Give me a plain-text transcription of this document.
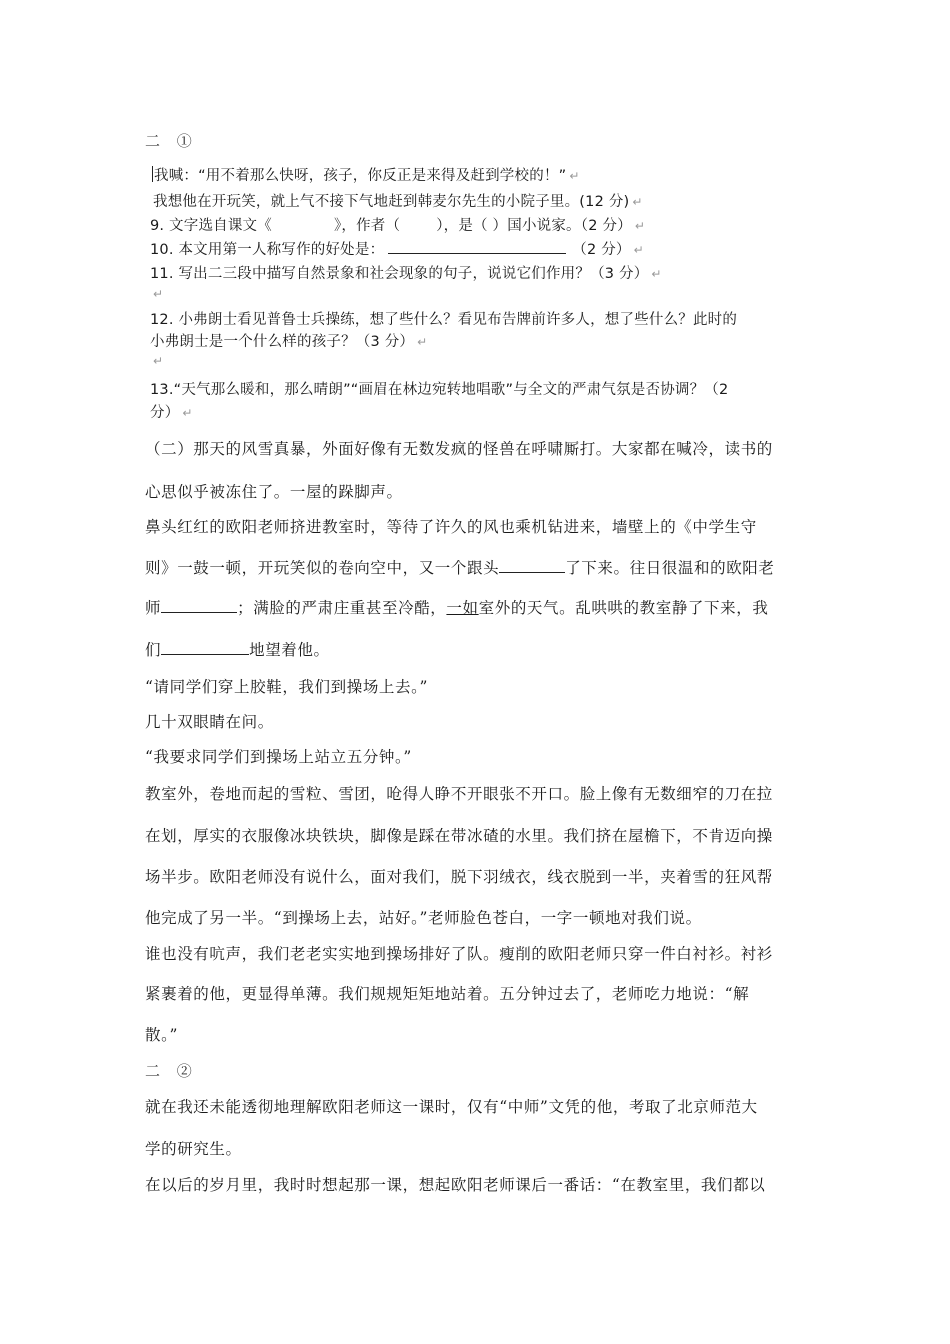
二 ①
我喊：“用不着那么快呀，孩子，你反正是来得及赶到学校的！” ↵
我想他在开玩笑，就上气不接下气地赶到韩麦尔先生的小院子里。(12 分) ↵
9. 文字选自课文《	》，作者（ ），是（ ）国小说家。（2 分） ↵
10. 本文用第一人称写作的好处是：	（2 分） ↵
11. 写出二三段中描写自然景象和社会现象的句子，说说它们作用？（3 分） ↵
↵
12. 小弗朗士看见普鲁士兵操练，想了些什么？看见布告牌前许多人，想了些什么？此时的
小弗朗士是一个什么样的孩子？（3 分） ↵
↵
13.“天气那么暖和，那么晴朗”“画眉在林边宛转地唱歌”与全文的严肃气氛是否协调？（2
分） ↵
（二）那天的风雪真暴，外面好像有无数发疯的怪兽在呼啸厮打。大家都在喊冷，读书的
心思似乎被冻住了。一屋的跺脚声。
鼻头红红的欧阳老师挤进教室时，等待了许久的风也乘机钻进来，墙壁上的《中学生守
则》一鼓一顿，开玩笑似的卷向空中，又一个跟头	了下来。往日很温和的欧阳老
师	；满脸的严肃庄重甚至冷酷，一如室外的天气。乱哄哄的教室静了下来，我
们	地望着他。
“请同学们穿上胶鞋，我们到操场上去。”
几十双眼睛在问。
“我要求同学们到操场上站立五分钟。”
教室外，卷地而起的雪粒、雪团，呛得人睁不开眼张不开口。脸上像有无数细窄的刀在拉
在划，厚实的衣服像冰块铁块，脚像是踩在带冰碴的水里。我们挤在屋檐下，不肯迈向操
场半步。欧阳老师没有说什么，面对我们，脱下羽绒衣，线衣脱到一半，夹着雪的狂风帮
他完成了另一半。“到操场上去，站好。”老师脸色苍白，一字一顿地对我们说。
谁也没有吭声，我们老老实实地到操场排好了队。瘦削的欧阳老师只穿一件白衬衫。衬衫
紧裹着的他，更显得单薄。我们规规矩矩地站着。五分钟过去了，老师吃力地说：“解
散。”
二 ②
就在我还未能透彻地理解欧阳老师这一课时，仅有“中师”文凭的他，考取了北京师范大
学的研究生。
在以后的岁月里，我时时想起那一课，想起欧阳老师课后一番话：“在教室里，我们都以
